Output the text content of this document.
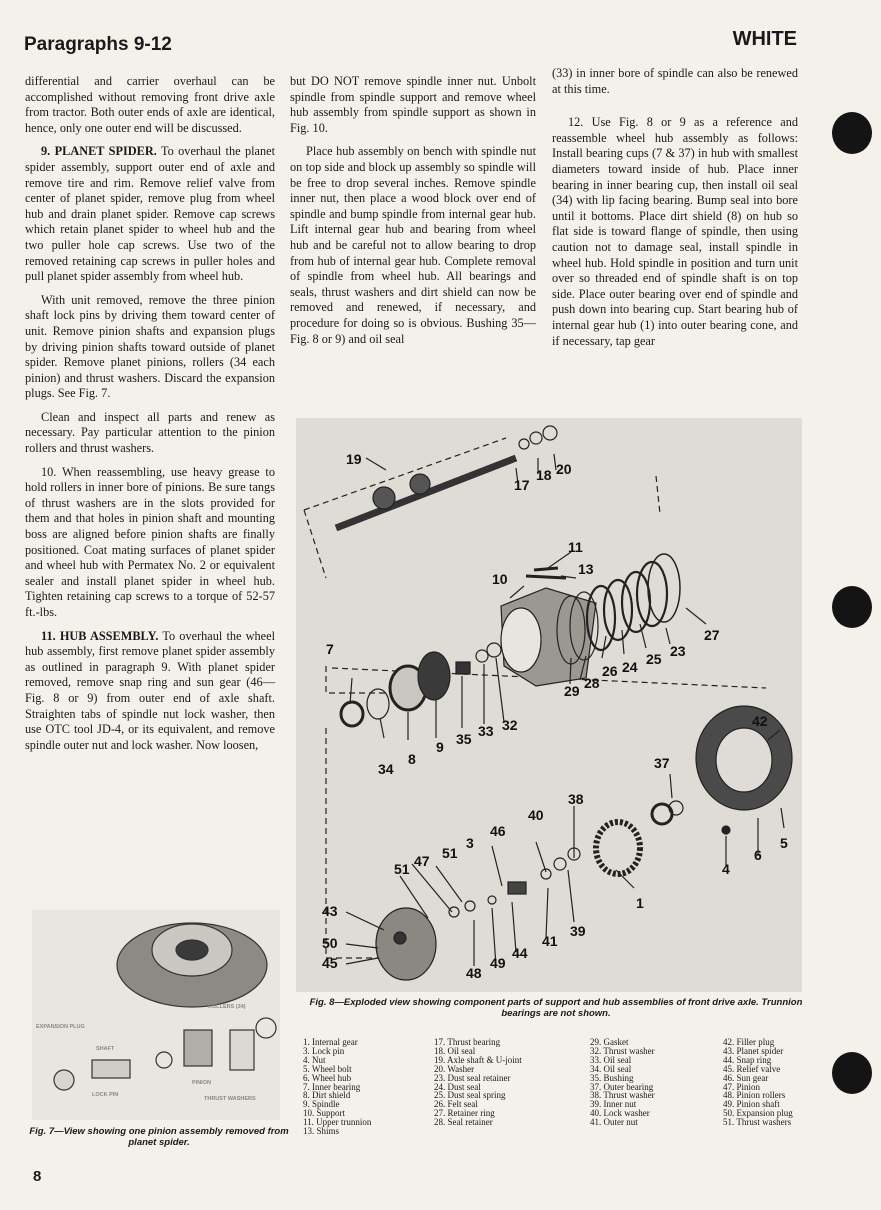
Paragraphs 9-12	WHITE

differential and carrier overhaul can be accomplished without removing front drive axle from tractor. Both outer ends of axle are identical, hence, only one outer end will be discussed.

9. PLANET SPIDER. To overhaul the planet spider assembly, support outer end of axle and remove tire and rim. Remove relief valve from center of planet spider, remove plug from wheel hub and drain planet spider. Remove cap screws which retain planet spider to wheel hub and the two puller hole cap screws. Use two of the removed retaining cap screws in puller holes and pull planet spider assembly from wheel hub.

With unit removed, remove the three pinion shaft lock pins by driving them toward center of unit. Remove pinion shafts and expansion plugs by driving pinion shafts toward outside of planet spider. Remove planet pinions, rollers (34 each pinion) and thrust washers. Discard the expansion plugs. See Fig. 7.

Clean and inspect all parts and renew as necessary. Pay particular attention to the pinion rollers and thrust washers.

10. When reassembling, use heavy grease to hold rollers in inner bore of pinions. Be sure tangs of thrust washers are in the slots provided for them and that holes in pinion shaft and mounting boss are aligned before pinion shafts are finally positioned. Coat mating surfaces of planet spider and wheel hub with Permatex No. 2 or equivalent sealer and install planet spider in wheel hub. Tighten retaining cap screws to a torque of 52-57 ft.-lbs.

11. HUB ASSEMBLY. To overhaul the wheel hub assembly, first remove planet spider assembly as outlined in paragraph 9. With planet spider removed, remove snap ring and sun gear (46—Fig. 8 or 9) from outer end of axle shaft. Straighten tabs of spindle nut lock washer, then use OTC tool JD-4, or its equivalent, and remove spindle outer nut and lock washer. Now loosen,

but DO NOT remove spindle inner nut. Unbolt spindle from spindle support and remove wheel hub assembly from spindle support as shown in Fig. 10.

Place hub assembly on bench with spindle nut on top side and block up assembly so spindle will be free to drop several inches. Remove spindle inner nut, then place a wood block over end of spindle and bump spindle from internal gear hub. Lift internal gear hub and bearing from wheel hub and be careful not to allow bearing to drop from hub of internal gear hub. Complete removal of spindle from wheel hub. All bearings and seals, thrust washers and dirt shield can now be removed and renewed, if necessary, and procedure for doing so is obvious. Bushing 35—Fig. 8 or 9) and oil seal

(33) in inner bore of spindle can also be renewed at this time.

12. Use Fig. 8 or 9 as a reference and reassemble wheel hub assembly as follows: Install bearing cups (7 & 37) in hub with smallest diameters toward inside of hub. Place inner bearing in inner bearing cup, then install oil seal (34) with lip facing bearing. Bump seal into bore until it bottoms. Place dirt shield (8) on hub so flat side is toward flange of spindle, then using caution not to damage seal, install spindle in wheel hub. Hold spindle in position and turn unit over so threaded end of spindle shaft is on top side. Place outer bearing over end of spindle and push down into bearing cup. Start bearing hub of internal gear hub (1) into outer bearing cone, and if necessary, tap gear

19
17
18 20
11
13
10
27
23
25
24
26
28
29
7
34
8
9 35 33 32	42
37
38
40
46
3
51
47
51	4
6
5
1
43
50
45
48
49
44
41
39
Fig. 8—Exploded view showing component parts of support and hub assemblies of front drive axle. Trunnion bearings are not shown.
ROLLERS (34)
EXPANSION PLUG
SHAFT
LOCK PIN
PINION
THRUST WASHERS
Fig. 7—View showing one pinion assembly removed from planet spider.
1. Internal gear
3. Lock pin
4. Nut
5. Wheel bolt
6. Wheel hub
7. Inner bearing
8. Dirt shield
9. Spindle
10. Support
11. Upper trunnion
13. Shims
17. Thrust bearing
18. Oil seal
19. Axle shaft & U-joint
20. Washer
23. Dust seal retainer
24. Dust seal
25. Dust seal spring
26. Felt seal
27. Retainer ring
28. Seal retainer
29. Gasket
32. Thrust washer
33. Oil seal
34. Oil seal
35. Bushing
37. Outer bearing
38. Thrust washer
39. Inner nut
40. Lock washer
41. Outer nut
42. Filler plug
43. Planet spider
44. Snap ring
45. Relief valve
46. Sun gear
47. Pinion
48. Pinion rollers
49. Pinion shaft
50. Expansion plug
51. Thrust washers
8
